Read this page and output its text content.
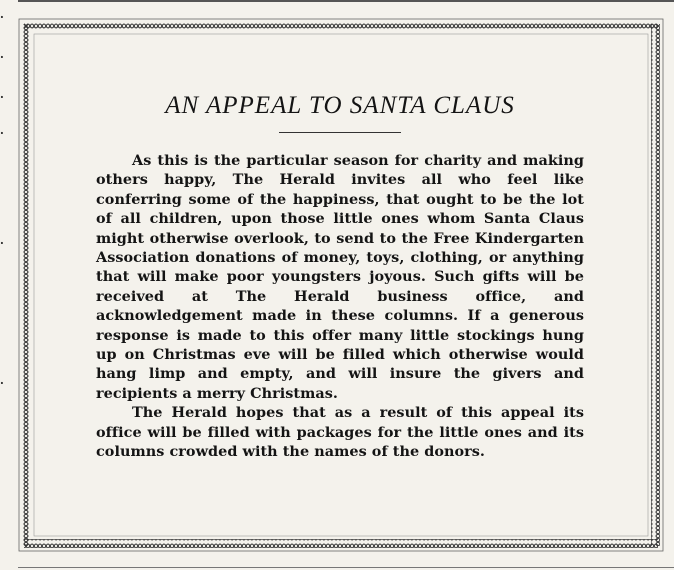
·
·
·
·
·
·
AN APPEAL TO SANTA CLAUS

As this is the particular season for charity and making others happy, The Herald invites all who feel like conferring some of the happiness, that ought to be the lot of all children, upon those little ones whom Santa Claus might otherwise overlook, to send to the Free Kindergarten Association donations of money, toys, clothing, or anything that will make poor youngsters joyous. Such gifts will be received at The Herald business office, and acknowledgement made in these columns. If a generous response is made to this offer many little stockings hung up on Christmas eve will be filled which otherwise would hang limp and empty, and will insure the givers and recipients a merry Christmas.

The Herald hopes that as a result of this appeal its office will be filled with packages for the little ones and its columns crowded with the names of the donors.
